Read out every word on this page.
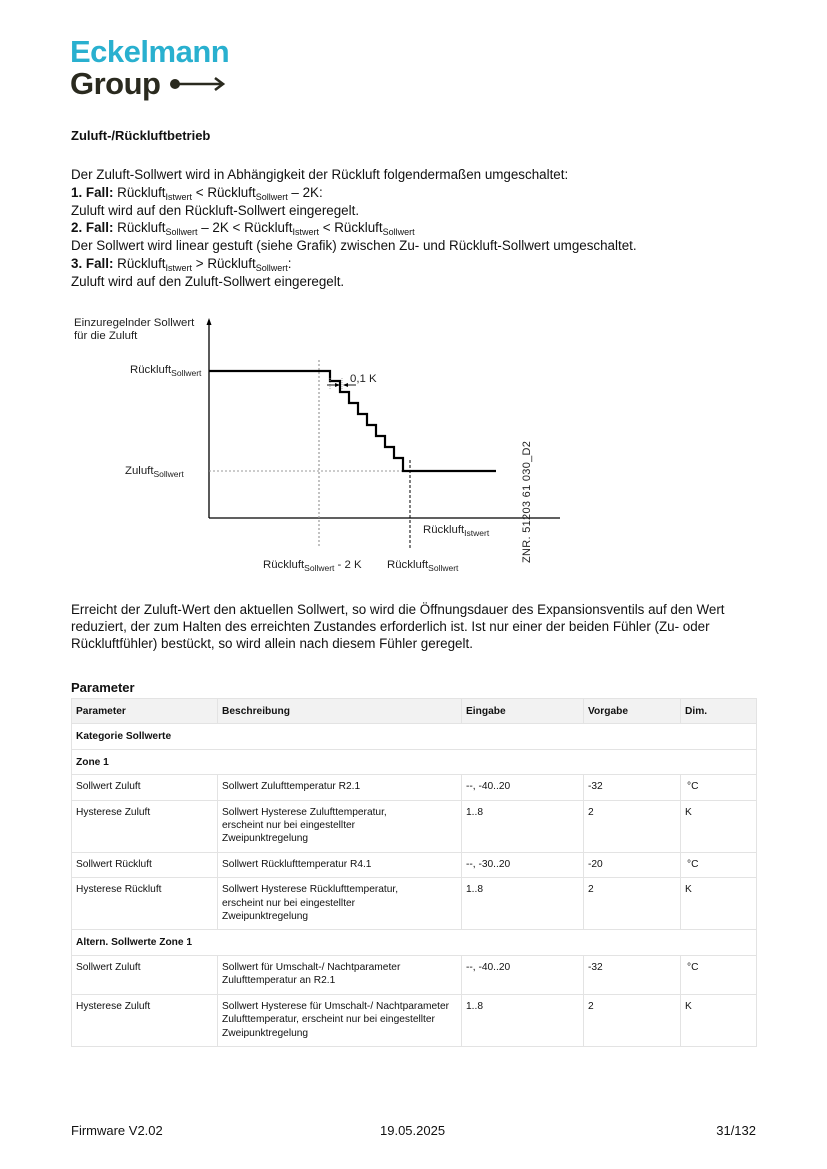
Eckelmann
Group
Zuluft-/Rückluftbetrieb

Der Zuluft-Sollwert wird in Abhängigkeit der Rückluft folgendermaßen umgeschaltet:

1. Fall: Rückluft$_{Istwert}$ < Rückluft$_{Sollwert}$ – 2K:

Zuluft wird auf den Rückluft-Sollwert eingeregelt.

2. Fall: Rückluft$_{Sollwert}$ – 2K < Rückluft$_{Istwert}$ < Rückluft$_{Sollwert}$

Der Sollwert wird linear gestuft (siehe Grafik) zwischen Zu- und Rückluft-Sollwert umgeschaltet.

3. Fall: Rückluft$_{Istwert}$ > Rückluft$_{Sollwert}$:

Zuluft wird auf den Zuluft-Sollwert eingeregelt.

Einzuregelnder Sollwert
für die Zuluft
Rückluft$_{Sollwert}$
Zuluft$_{Sollwert}$
0,1 K
Rückluft$_{Istwert}$
Rückluft$_{Sollwert}$ - 2 K Rückluft$_{Sollwert}$
ZNR. 51203 61 030_D2

Erreicht der Zuluft-Wert den aktuellen Sollwert, so wird die Öffnungsdauer des Expansionsventils auf den Wert reduziert, der zum Halten des erreichten Zustandes erforderlich ist. Ist nur einer der beiden Fühler (Zu- oder Rückluftfühler) bestückt, so wird allein nach diesem Fühler geregelt.

Parameter
Parameter	Beschreibung	Eingabe	Vorgabe	Dim.
Kategorie Sollwerte				
Zone 1				
Sollwert Zuluft	Sollwert Zulufttemperatur R2.1	--, -40..20	-32	°C
Hysterese Zuluft	Sollwert Hysterese Zulufttemperatur, erscheint nur bei eingestellter Zweipunktregelung	1..8	2	K
Sollwert Rückluft	Sollwert Rücklufttemperatur R4.1	--, -30..20	-20	°C
Hysterese Rückluft	Sollwert Hysterese Rücklufttemperatur, erscheint nur bei eingestellter Zweipunktregelung	1..8	2	K
Altern. Sollwerte Zone 1				
Sollwert Zuluft	Sollwert für Umschalt-/ Nachtparameter Zulufttemperatur an R2.1	--, -40..20	-32	°C
Hysterese Zuluft	Sollwert Hysterese für Umschalt-/ Nachtparameter Zulufttemperatur, erscheint nur bei eingestellter Zweipunktregelung	1..8	2	K
Firmware V2.02	19.05.2025	31/132
